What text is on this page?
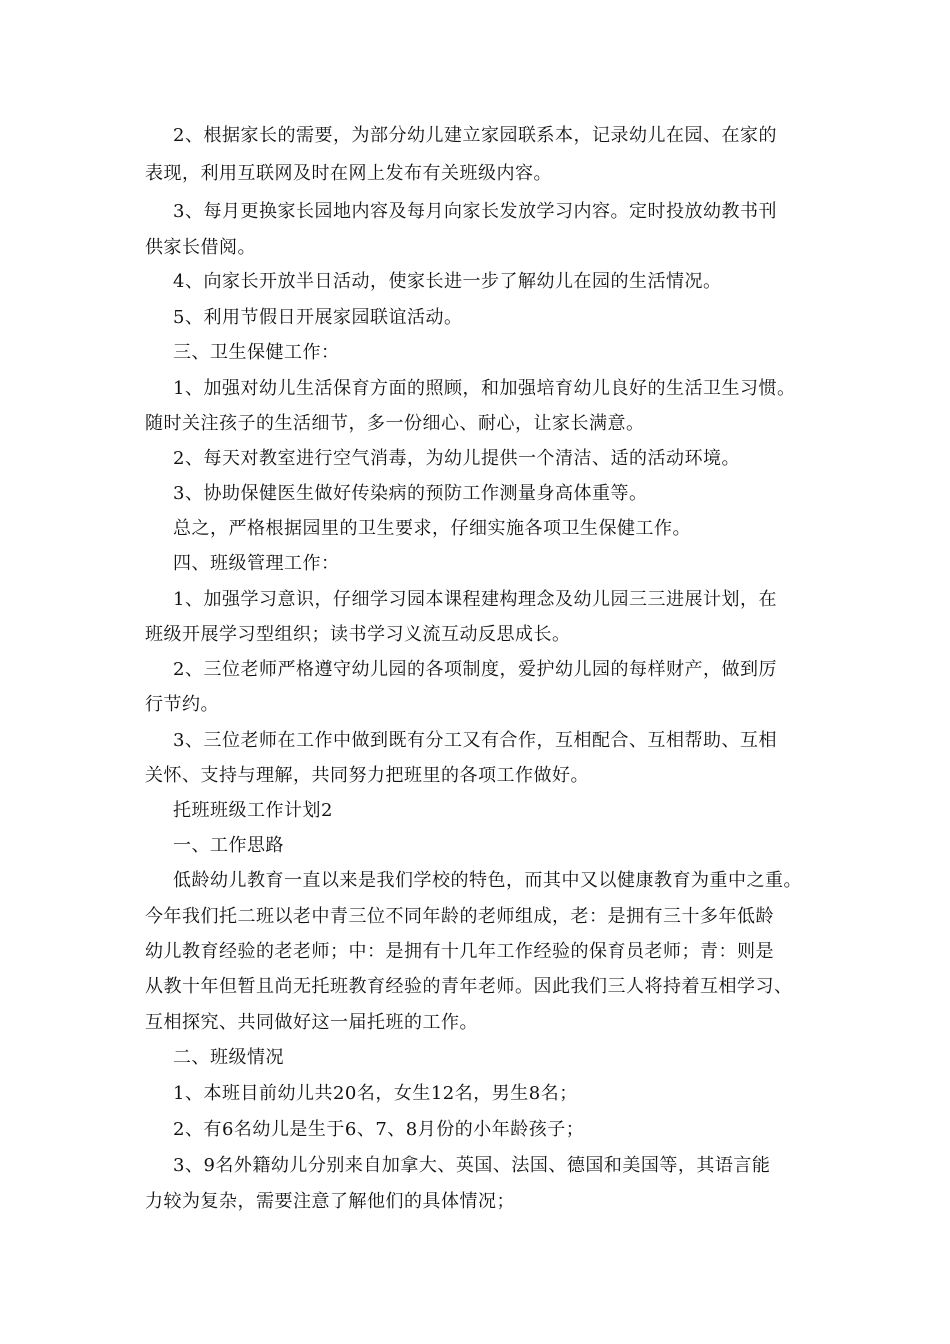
2、根据家长的需要，为部分幼儿建立家园联系本，记录幼儿在园、在家的
表现，利用互联网及时在网上发布有关班级内容。
3、每月更换家长园地内容及每月向家长发放学习内容。定时投放幼教书刊
供家长借阅。
4、向家长开放半日活动，使家长进一步了解幼儿在园的生活情况。
5、利用节假日开展家园联谊活动。
三、卫生保健工作：
1、加强对幼儿生活保育方面的照顾，和加强培育幼儿良好的生活卫生习惯。
随时关注孩子的生活细节，多一份细心、耐心，让家长满意。
2、每天对教室进行空气消毒，为幼儿提供一个清洁、适的活动环境。
3、协助保健医生做好传染病的预防工作测量身高体重等。
总之，严格根据园里的卫生要求，仔细实施各项卫生保健工作。
四、班级管理工作：
1、加强学习意识，仔细学习园本课程建构理念及幼儿园三三进展计划，在
班级开展学习型组织；读书学习义流互动反思成长。
2、三位老师严格遵守幼儿园的各项制度，爱护幼儿园的每样财产，做到厉
行节约。
3、三位老师在工作中做到既有分工又有合作，互相配合、互相帮助、互相
关怀、支持与理解，共同努力把班里的各项工作做好。
托班班级工作计划2
一、工作思路
低龄幼儿教育一直以来是我们学校的特色，而其中又以健康教育为重中之重。
今年我们托二班以老中青三位不同年龄的老师组成，老：是拥有三十多年低龄
幼儿教育经验的老老师；中：是拥有十几年工作经验的保育员老师；青：则是
从教十年但暂且尚无托班教育经验的青年老师。因此我们三人将持着互相学习、
互相探究、共同做好这一届托班的工作。
二、班级情况
1、本班目前幼儿共20名，女生12名，男生8名；
2、有6名幼儿是生于6、7、8月份的小年龄孩子；
3、9名外籍幼儿分别来自加拿大、英国、法国、德国和美国等，其语言能
力较为复杂，需要注意了解他们的具体情况；
